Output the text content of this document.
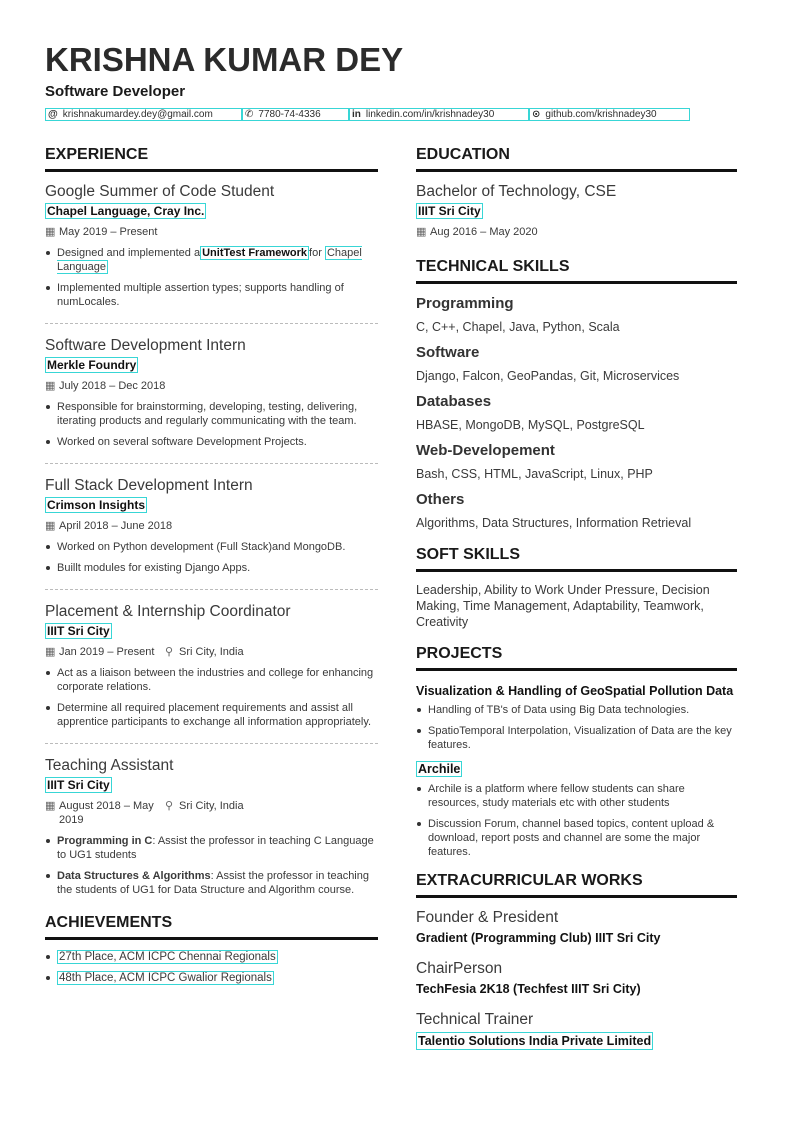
KRISHNA KUMAR DEY
Software Developer
@ krishnakumardey.dey@gmail.com	✆ 7780-74-4336	in linkedin.com/in/krishnadey30	⊙ github.com/krishnadey30
EXPERIENCE
Google Summer of Code Student
Chapel Language, Cray Inc.
▦ May 2019 – Present
Designed and implemented a UnitTest Framework for Chapel Language
Implemented multiple assertion types; supports handling of numLocales.
Software Development Intern
Merkle Foundry
▦ July 2018 – Dec 2018
Responsible for brainstorming, developing, testing, delivering, iterating products and regularly communicating with the team.
Worked on several software Development Projects.
Full Stack Development Intern
Crimson Insights
▦ April 2018 – June 2018
Worked on Python development (Full Stack)and MongoDB.
Buillt modules for existing Django Apps.
Placement & Internship Coordinator
IIIT Sri City
▦ Jan 2019 – Present ⚲ Sri City, India
Act as a liaison between the industries and college for enhancing corporate relations.
Determine all required placement requirements and assist all apprentice participants to exchange all information appropriately.
Teaching Assistant
IIIT Sri City
▦ August 2018 – May 2019
⚲ Sri City, India
Programming in C: Assist the professor in teaching C Language to UG1 students
Data Structures & Algorithms: Assist the professor in teaching the students of UG1 for Data Structure and Algorithm course.
ACHIEVEMENTS
27th Place, ACM ICPC Chennai Regionals
48th Place, ACM ICPC Gwalior Regionals
EDUCATION
Bachelor of Technology, CSE
IIIT Sri City
▦ Aug 2016 – May 2020
TECHNICAL SKILLS
Programming
C, C++, Chapel, Java, Python, Scala
Software
Django, Falcon, GeoPandas, Git, Microservices
Databases
HBASE, MongoDB, MySQL, PostgreSQL
Web-Developement
Bash, CSS, HTML, JavaScript, Linux, PHP
Others
Algorithms, Data Structures, Information Retrieval
SOFT SKILLS
Leadership, Ability to Work Under Pressure, Decision Making, Time Management, Adaptability, Teamwork, Creativity
PROJECTS
Visualization & Handling of GeoSpatial Pollution Data
Handling of TB's of Data using Big Data technologies.
SpatioTemporal Interpolation, Visualization of Data are the key features.
Archile
Archile is a platform where fellow students can share resources, study materials etc with other students
Discussion Forum, channel based topics, content upload & download, report posts and channel are some the major features.
EXTRACURRICULAR WORKS
Founder & President
Gradient (Programming Club) IIIT Sri City
ChairPerson
TechFesia 2K18 (Techfest IIIT Sri City)
Technical Trainer
Talentio Solutions India Private Limited
